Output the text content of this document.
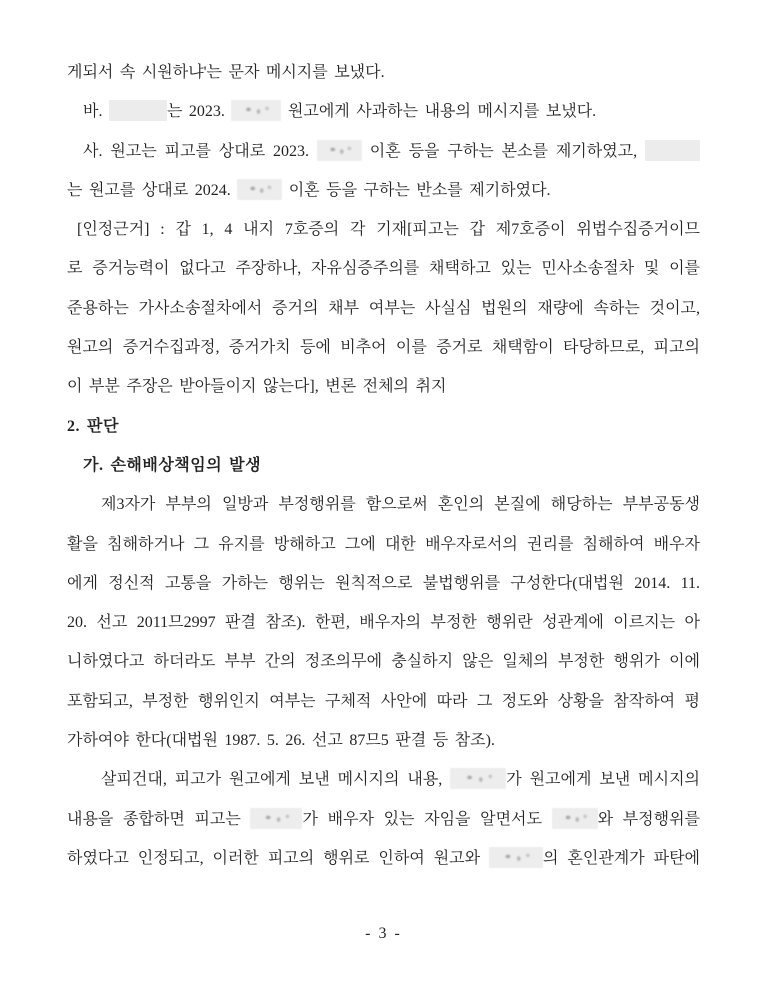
게되서 속 시원하냐'는 문자 메시지를 보냈다.
바.	는 2023.	원고에게 사과하는 내용의 메시지를 보냈다.
사. 원고는 피고를 상대로 2023.	이혼 등을 구하는 본소를 제기하였고,
는 원고를 상대로 2024.	이혼 등을 구하는 반소를 제기하였다.
[인정근거] : 갑 1, 4 내지 7호증의 각 기재[피고는 갑 제7호증이 위법수집증거이므
로 증거능력이 없다고 주장하나, 자유심증주의를 채택하고 있는 민사소송절차 및 이를
준용하는 가사소송절차에서 증거의 채부 여부는 사실심 법원의 재량에 속하는 것이고,
원고의 증거수집과정, 증거가치 등에 비추어 이를 증거로 채택함이 타당하므로, 피고의
이 부분 주장은 받아들이지 않는다], 변론 전체의 취지
2. 판단
가. 손해배상책임의 발생
제3자가 부부의 일방과 부정행위를 함으로써 혼인의 본질에 해당하는 부부공동생
활을 침해하거나 그 유지를 방해하고 그에 대한 배우자로서의 권리를 침해하여 배우자
에게 정신적 고통을 가하는 행위는 원칙적으로 불법행위를 구성한다(대법원 2014. 11.
20. 선고 2011므2997 판결 참조). 한편, 배우자의 부정한 행위란 성관계에 이르지는 아
니하였다고 하더라도 부부 간의 정조의무에 충실하지 않은 일체의 부정한 행위가 이에
포함되고, 부정한 행위인지 여부는 구체적 사안에 따라 그 정도와 상황을 참작하여 평
가하여야 한다(대법원 1987. 5. 26. 선고 87므5 판결 등 참조).
살피건대, 피고가 원고에게 보낸 메시지의 내용,	가 원고에게 보낸 메시지의
내용을 종합하면 피고는	가 배우자 있는 자임을 알면서도	와 부정행위를
하였다고 인정되고, 이러한 피고의 행위로 인하여 원고와	의 혼인관계가 파탄에
- 3 -
